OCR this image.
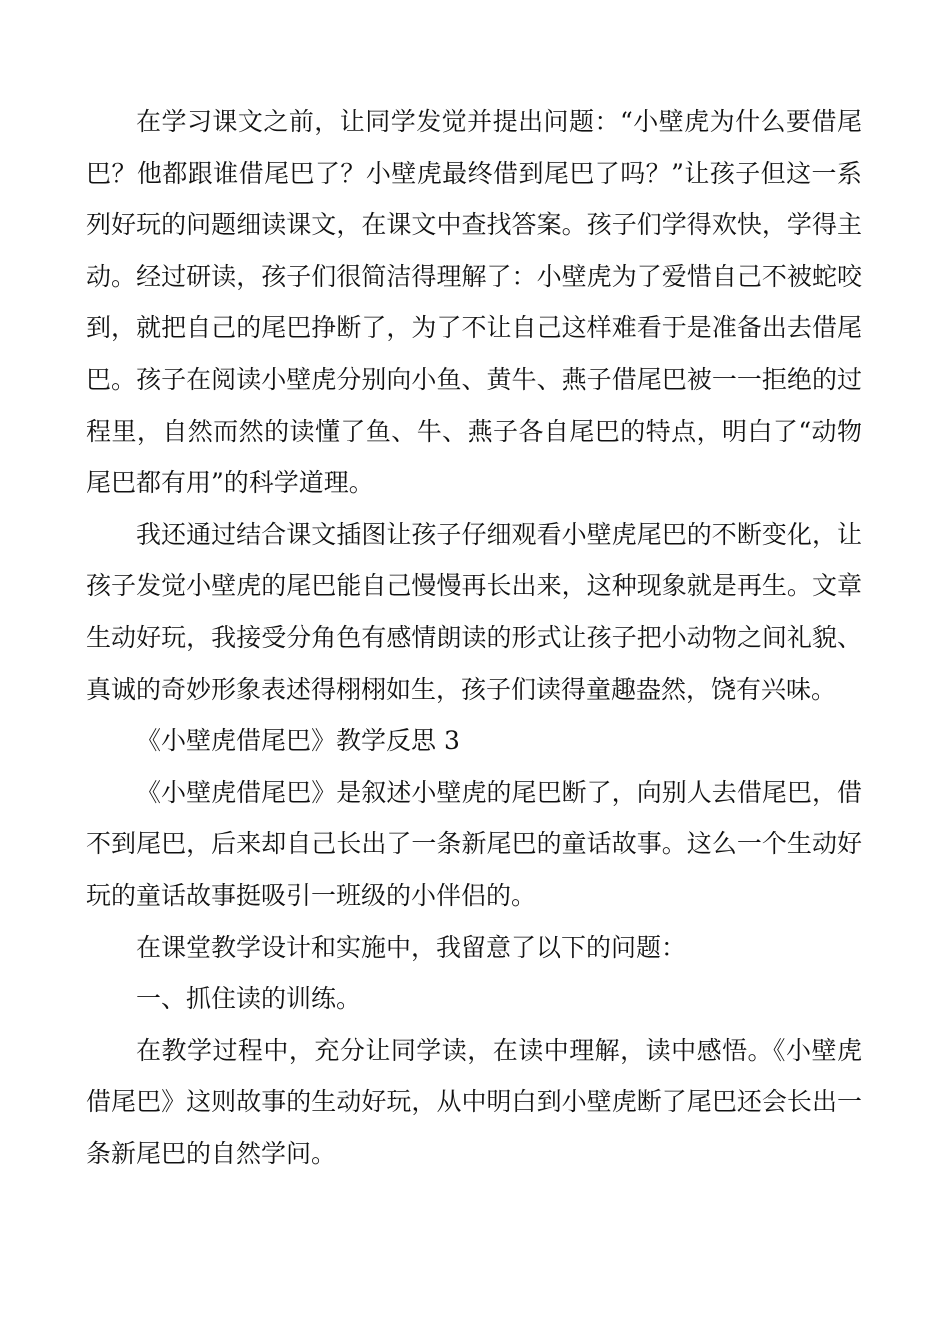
在学习课文之前，让同学发觉并提出问题：“小壁虎为什么要借尾巴？他都跟谁借尾巴了？小壁虎最终借到尾巴了吗？”让孩子但这一系列好玩的问题细读课文，在课文中查找答案。孩子们学得欢快，学得主动。经过研读，孩子们很简洁得理解了：小壁虎为了爱惜自己不被蛇咬到，就把自己的尾巴挣断了，为了不让自己这样难看于是准备出去借尾巴。孩子在阅读小壁虎分别向小鱼、黄牛、燕子借尾巴被一一拒绝的过程里，自然而然的读懂了鱼、牛、燕子各自尾巴的特点，明白了“动物尾巴都有用”的科学道理。

我还通过结合课文插图让孩子仔细观看小壁虎尾巴的不断变化，让孩子发觉小壁虎的尾巴能自己慢慢再长出来，这种现象就是再生。文章生动好玩，我接受分角色有感情朗读的形式让孩子把小动物之间礼貌、真诚的奇妙形象表述得栩栩如生，孩子们读得童趣盎然，饶有兴味。

《小壁虎借尾巴》教学反思 3

《小壁虎借尾巴》是叙述小壁虎的尾巴断了，向别人去借尾巴，借不到尾巴，后来却自己长出了一条新尾巴的童话故事。这么一个生动好玩的童话故事挺吸引一班级的小伴侣的。

在课堂教学设计和实施中，我留意了以下的问题：

一、抓住读的训练。

在教学过程中，充分让同学读，在读中理解，读中感悟。《小壁虎借尾巴》这则故事的生动好玩，从中明白到小壁虎断了尾巴还会长出一条新尾巴的自然学问。
